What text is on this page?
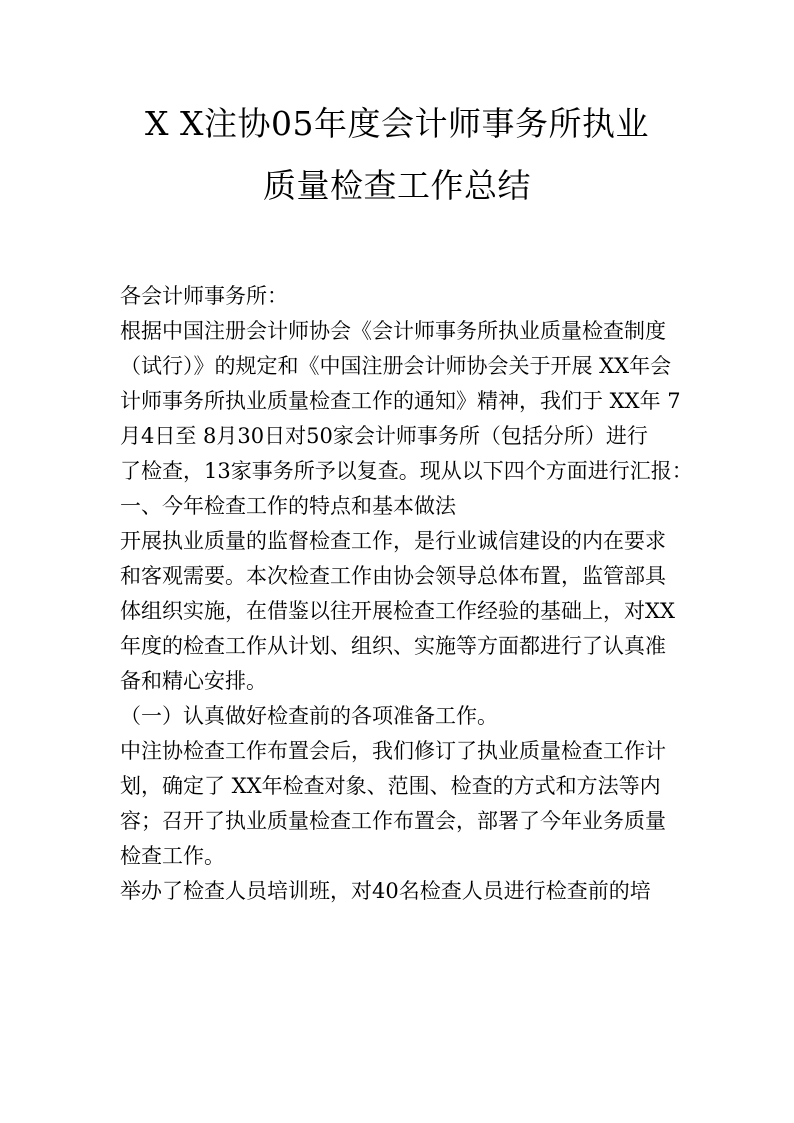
X X注协05年度会计师事务所执业
质量检查工作总结
各会计师事务所：
根据中国注册会计师协会《会计师事务所执业质量检查制度
（试行）》的规定和《中国注册会计师协会关于开展 XX年会
计师事务所执业质量检查工作的通知》精神，我们于 XX年 7
月4日至 8月30日对50家会计师事务所（包括分所）进行
了检查，13家事务所予以复查。现从以下四个方面进行汇报：
一、今年检查工作的特点和基本做法
开展执业质量的监督检查工作，是行业诚信建设的内在要求
和客观需要。本次检查工作由协会领导总体布置，监管部具
体组织实施，在借鉴以往开展检查工作经验的基础上，对XX
年度的检查工作从计划、组织、实施等方面都进行了认真准
备和精心安排。
（一）认真做好检查前的各项准备工作。
中注协检查工作布置会后，我们修订了执业质量检查工作计
划，确定了 XX年检查对象、范围、检查的方式和方法等内
容；召开了执业质量检查工作布置会，部署了今年业务质量
检查工作。
举办了检查人员培训班，对40名检查人员进行检查前的培
